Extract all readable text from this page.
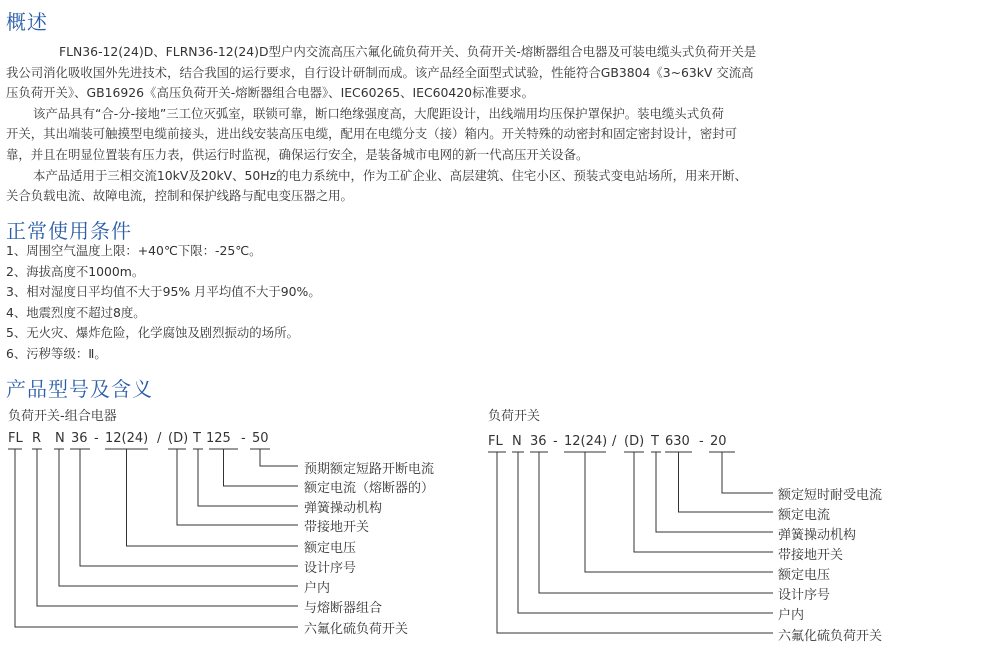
概述
FLN36-12(24)D、FLRN36-12(24)D型户内交流高压六氟化硫负荷开关、负荷开关-熔断器组合电器及可装电缆头式负荷开关是
我公司消化吸收国外先进技术，结合我国的运行要求，自行设计研制而成。该产品经全面型式试验，性能符合GB3804《3~63kV 交流高
压负荷开关》、GB16926《高压负荷开关-熔断器组合电器》、IEC60265、IEC60420标准要求。
该产品具有“合-分-接地”三工位灭弧室，联锁可靠，断口绝缘强度高，大爬距设计，出线端用均压保护罩保护。装电缆头式负荷
开关，其出端装可触摸型电缆前接头，进出线安装高压电缆，配用在电缆分支（接）箱内。开关特殊的动密封和固定密封设计，密封可
靠，并且在明显位置装有压力表，供运行时监视，确保运行安全，是装备城市电网的新一代高压开关设备。
本产品适用于三相交流10kV及20kV、50Hz的电力系统中，作为工矿企业、高层建筑、住宅小区、预装式变电站场所，用来开断、
关合负载电流、故障电流，控制和保护线路与配电变压器之用。
正常使用条件
1、周围空气温度上限：+40℃下限：-25℃。
2、海拔高度不1000m。
3、相对湿度日平均值不大于95% 月平均值不大于90%。
4、地震烈度不超过8度。
5、无火灾、爆炸危险，化学腐蚀及剧烈振动的场所。
6、污秽等级：Ⅱ。
产品型号及含义
负荷开关-组合电器
FL R N 36 - 12(24) / (D) T 125 - 50
负荷开关
FL N 36 - 12(24) / (D) T 630 - 20
预期额定短路开断电流
额定电流（熔断器的）
弹簧操动机构
带接地开关
额定电压
设计序号
户内
与熔断器组合
六氟化硫负荷开关
额定短时耐受电流
额定电流
弹簧操动机构
带接地开关
额定电压
设计序号
户内
六氟化硫负荷开关
